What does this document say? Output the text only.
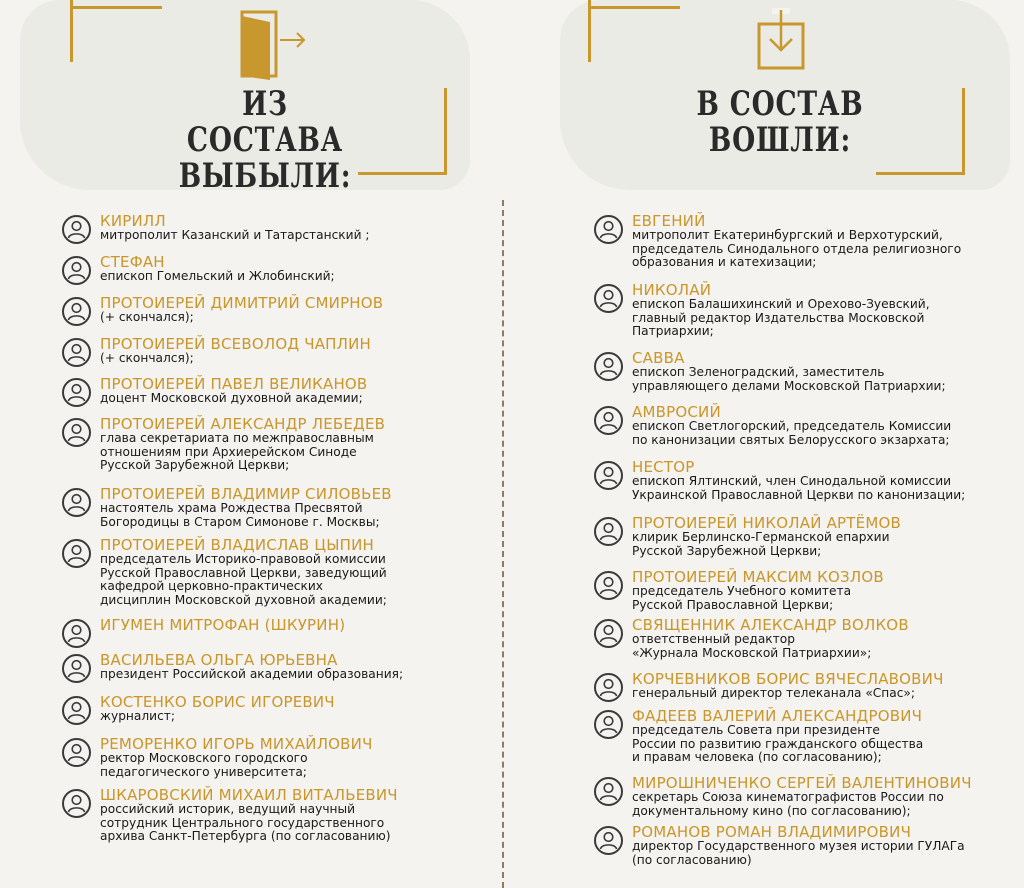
ИЗ СОСТАВА
ВЫБЫЛИ:
В СОСТАВ
ВОШЛИ:
КИРИЛЛ
митрополит Казанский и Татарстанский ;
СТЕФАН
епископ Гомельский и Жлобинский;
ПРОТОИЕРЕЙ ДИМИТРИЙ СМИРНОВ
(+ скончался);
ПРОТОИЕРЕЙ ВСЕВОЛОД ЧАПЛИН
(+ скончался);
ПРОТОИЕРЕЙ ПАВЕЛ ВЕЛИКАНОВ
доцент Московской духовной академии;
ПРОТОИЕРЕЙ АЛЕКСАНДР ЛЕБЕДЕВ
глава секретариата по межправославным
отношениям при Архиерейском Синоде
Русской Зарубежной Церкви;
ПРОТОИЕРЕЙ ВЛАДИМИР СИЛОВЬЕВ
настоятель храма Рождества Пресвятой
Богородицы в Старом Симонове г. Москвы;
ПРОТОИЕРЕЙ ВЛАДИСЛАВ ЦЫПИН
председатель Историко-правовой комиссии
Русской Православной Церкви, заведующий
кафедрой церковно-практических
дисциплин Московской духовной академии;
ИГУМЕН МИТРОФАН (ШКУРИН)
ВАСИЛЬЕВА ОЛЬГА ЮРЬЕВНА
президент Российской академии образования;
КОСТЕНКО БОРИС ИГОРЕВИЧ
журналист;
РЕМОРЕНКО ИГОРЬ МИХАЙЛОВИЧ
ректор Московского городского
педагогического университета;
ШКАРОВСКИЙ МИХАИЛ ВИТАЛЬЕВИЧ
российский историк, ведущий научный
сотрудник Центрального государственного
архива Санкт-Петербурга (по согласованию)
ЕВГЕНИЙ
митрополит Екатеринбургский и Верхотурский,
председатель Синодального отдела религиозного
образования и катехизации;
НИКОЛАЙ
епископ Балашихинский и Орехово-Зуевский,
главный редактор Издательства Московской
Патриархии;
САВВА
епископ Зеленоградский, заместитель
управляющего делами Московской Патриархии;
АМВРОСИЙ
епископ Светлогорский, председатель Комиссии
по канонизации святых Белорусского экзархата;
НЕСТОР
епископ Ялтинский, член Синодальной комиссии
Украинской Православной Церкви по канонизации;
ПРОТОИЕРЕЙ НИКОЛАЙ АРТЁМОВ
клирик Берлинско-Германской епархии
Русской Зарубежной Церкви;
ПРОТОИЕРЕЙ МАКСИМ КОЗЛОВ
председатель Учебного комитета
Русской Православной Церкви;
СВЯЩЕННИК АЛЕКСАНДР ВОЛКОВ
ответственный редактор
«Журнала Московской Патриархии»;
КОРЧЕВНИКОВ БОРИС ВЯЧЕСЛАВОВИЧ
генеральный директор телеканала «Спас»;
ФАДЕЕВ ВАЛЕРИЙ АЛЕКСАНДРОВИЧ
председатель Совета при президенте
России по развитию гражданского общества
и правам человека (по согласованию);
МИРОШНИЧЕНКО СЕРГЕЙ ВАЛЕНТИНОВИЧ
секретарь Союза кинематографистов России по
документальному кино (по согласованию);
РОМАНОВ РОМАН ВЛАДИМИРОВИЧ
директор Государственного музея истории ГУЛАГа
(по согласованию)
